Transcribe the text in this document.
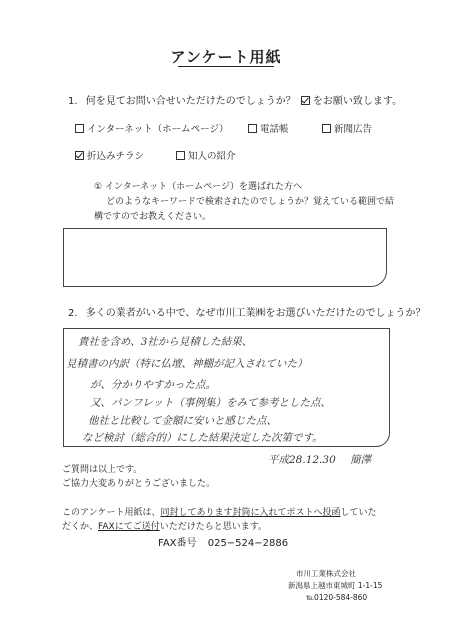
アンケート用紙
1. 何を見てお問い合せいただけたのでしょうか？ をお願い致します。
インターネット（ホームページ）	電話帳	新聞広告
折込みチラシ	知人の紹介
① インターネット（ホームページ）を選ばれた方へ
どのようなキーワードで検索されたのでしょうか？覚えている範囲で結
構ですのでお教えください。
2. 多くの業者がいる中で、なぜ市川工業㈱をお選びいただけたのでしょうか？
貴社を含め、3社から見積した結果、
見積書の内訳（特に仏壇、神棚が記入されていた）
が、分かりやすかった点。
又、パンフレット（事例集）をみて参考とした点、
他社と比較して金額に安いと感じた点、
など検討（総合的）にした結果決定した次第です。
平成28.12.30 簡澤
ご質問は以上です。
ご協力大変ありがとうございました。
このアンケート用紙は、同封してあります封筒に入れてポストへ投函していた
だくか、FAXにてご送付いただけたらと思います。
FAX番号 025−524−2886
市川工業株式会社
新潟県上越市東城町 1-1-15
℡0120-584-860
